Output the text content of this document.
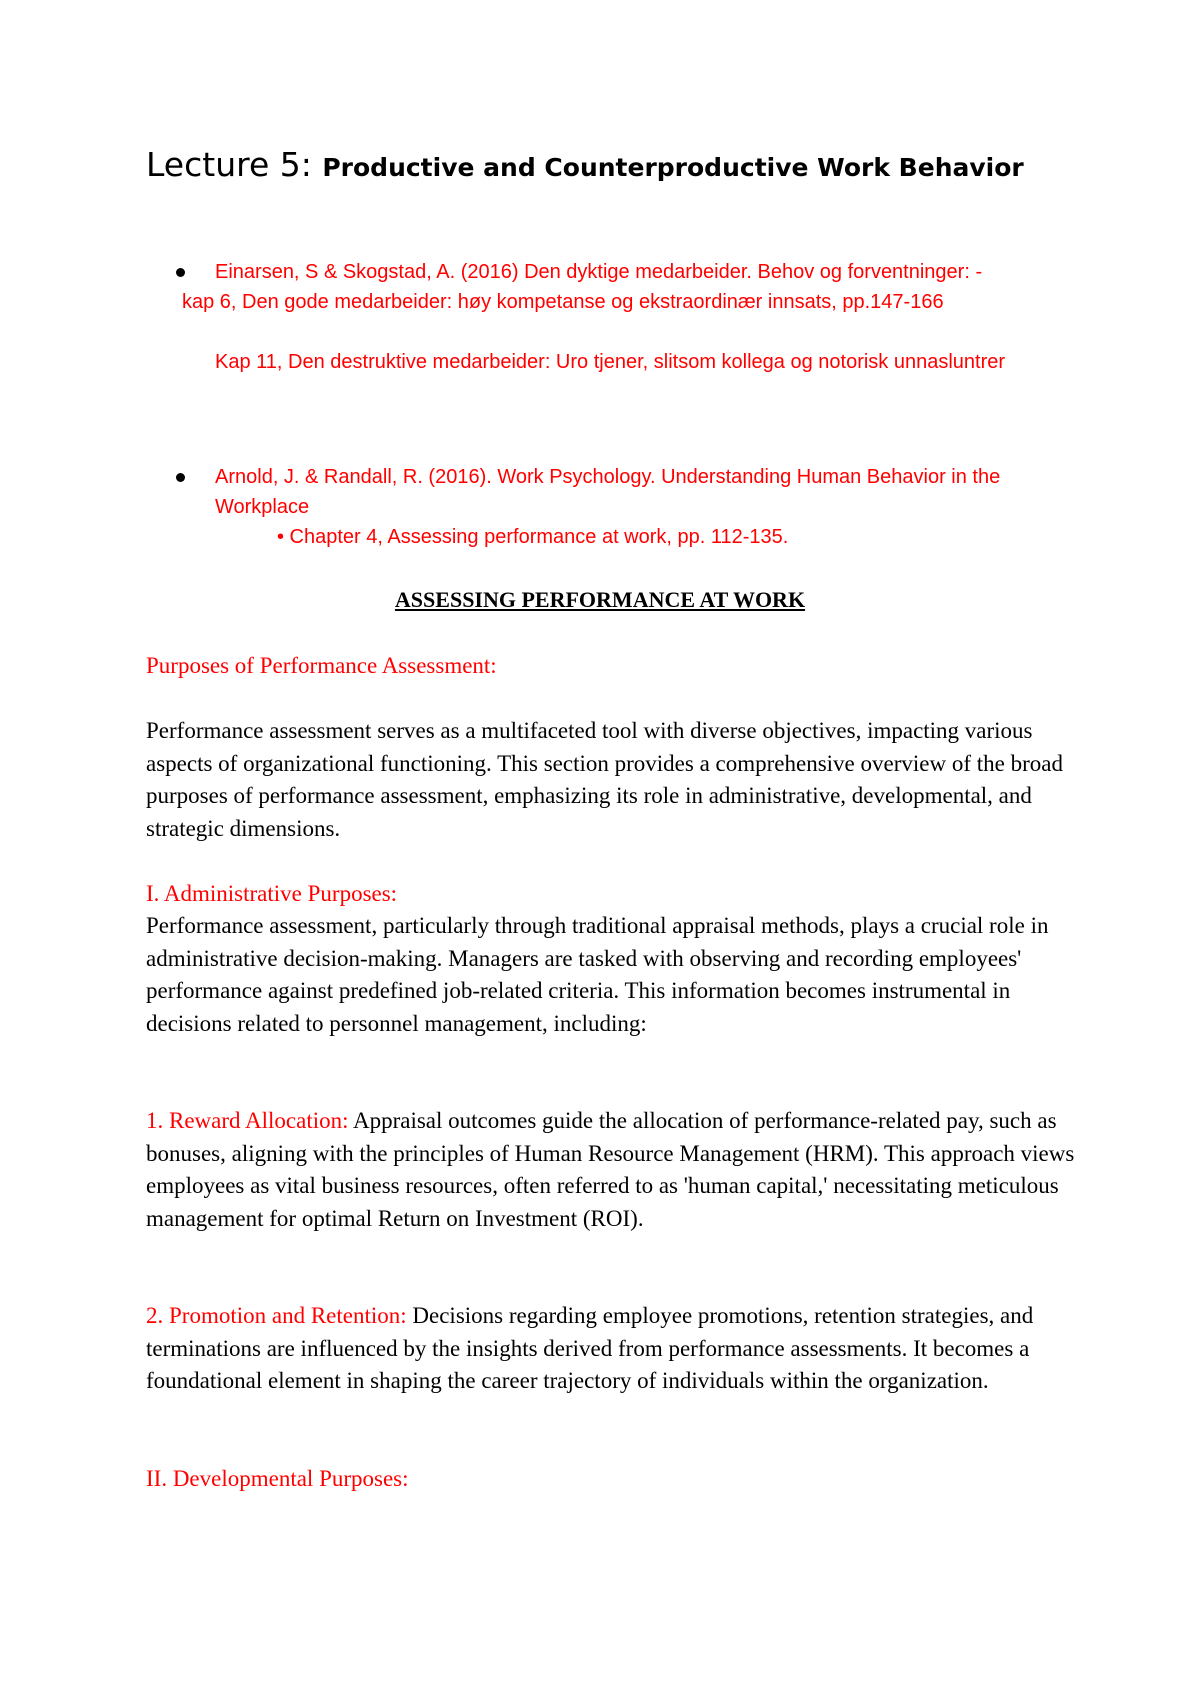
Lecture 5: Productive and Counterproductive Work Behavior

Einarsen, S & Skogstad, A. (2016) Den dyktige medarbeider. Behov og forventninger: -

kap 6, Den gode medarbeider: høy kompetanse og ekstraordinær innsats, pp.147-166

Kap 11, Den destruktive medarbeider: Uro tjener, slitsom kollega og notorisk unnasluntrer

Arnold, J. & Randall, R. (2016). Work Psychology. Understanding Human Behavior in the Workplace

• Chapter 4, Assessing performance at work, pp. 112-135.

ASSESSING PERFORMANCE AT WORK
Purposes of Performance Assessment:

Performance assessment serves as a multifaceted tool with diverse objectives, impacting various aspects of organizational functioning. This section provides a comprehensive overview of the broad purposes of performance assessment, emphasizing its role in administrative, developmental, and strategic dimensions.

I. Administrative Purposes:

Performance assessment, particularly through traditional appraisal methods, plays a crucial role in administrative decision-making. Managers are tasked with observing and recording employees' performance against predefined job-related criteria. This information becomes instrumental in decisions related to personnel management, including:

1. Reward Allocation: Appraisal outcomes guide the allocation of performance-related pay, such as bonuses, aligning with the principles of Human Resource Management (HRM). This approach views employees as vital business resources, often referred to as 'human capital,' necessitating meticulous management for optimal Return on Investment (ROI).

2. Promotion and Retention: Decisions regarding employee promotions, retention strategies, and terminations are influenced by the insights derived from performance assessments. It becomes a foundational element in shaping the career trajectory of individuals within the organization.

II. Developmental Purposes:
